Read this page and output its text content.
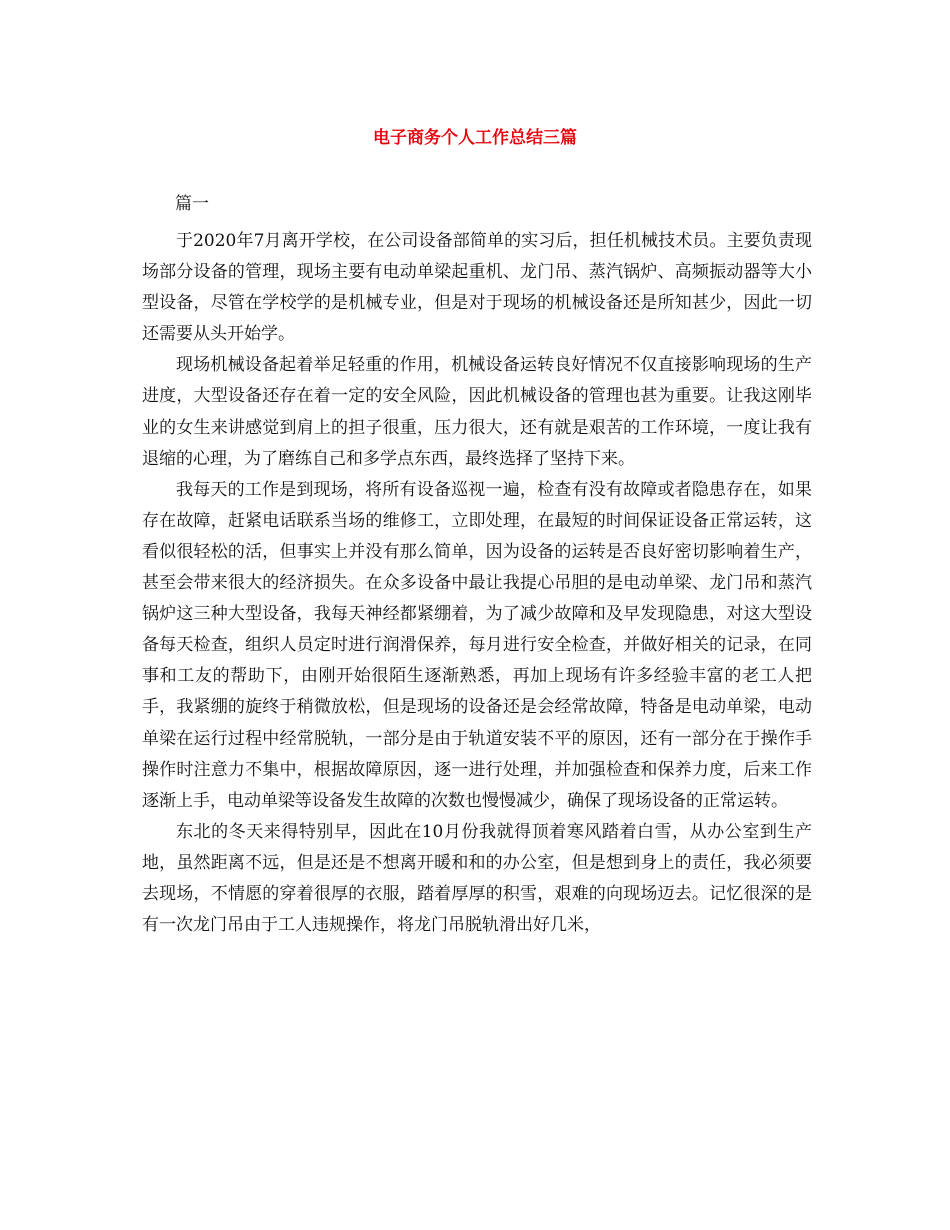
电子商务个人工作总结三篇

篇一

于2020年7月离开学校，在公司设备部简单的实习后，担任机械技术员。主要负责现场部分设备的管理，现场主要有电动单梁起重机、龙门吊、蒸汽锅炉、高频振动器等大小型设备，尽管在学校学的是机械专业，但是对于现场的机械设备还是所知甚少，因此一切还需要从头开始学。

现场机械设备起着举足轻重的作用，机械设备运转良好情况不仅直接影响现场的生产进度，大型设备还存在着一定的安全风险，因此机械设备的管理也甚为重要。让我这刚毕业的女生来讲感觉到肩上的担子很重，压力很大，还有就是艰苦的工作环境，一度让我有退缩的心理，为了磨练自己和多学点东西，最终选择了坚持下来。

我每天的工作是到现场，将所有设备巡视一遍，检查有没有故障或者隐患存在，如果存在故障，赶紧电话联系当场的维修工，立即处理，在最短的时间保证设备正常运转，这看似很轻松的活，但事实上并没有那么简单，因为设备的运转是否良好密切影响着生产，甚至会带来很大的经济损失。在众多设备中最让我提心吊胆的是电动单梁、龙门吊和蒸汽锅炉这三种大型设备，我每天神经都紧绷着，为了减少故障和及早发现隐患，对这大型设备每天检查，组织人员定时进行润滑保养，每月进行安全检查，并做好相关的记录，在同事和工友的帮助下，由刚开始很陌生逐渐熟悉，再加上现场有许多经验丰富的老工人把手，我紧绷的旋终于稍微放松，但是现场的设备还是会经常故障，特备是电动单梁，电动单梁在运行过程中经常脱轨，一部分是由于轨道安装不平的原因，还有一部分在于操作手操作时注意力不集中，根据故障原因，逐一进行处理，并加强检查和保养力度，后来工作逐渐上手，电动单梁等设备发生故障的次数也慢慢减少，确保了现场设备的正常运转。

东北的冬天来得特别早，因此在10月份我就得顶着寒风踏着白雪，从办公室到生产地，虽然距离不远，但是还是不想离开暖和和的办公室，但是想到身上的责任，我必须要去现场，不情愿的穿着很厚的衣服，踏着厚厚的积雪，艰难的向现场迈去。记忆很深的是有一次龙门吊由于工人违规操作，将龙门吊脱轨滑出好几米，
